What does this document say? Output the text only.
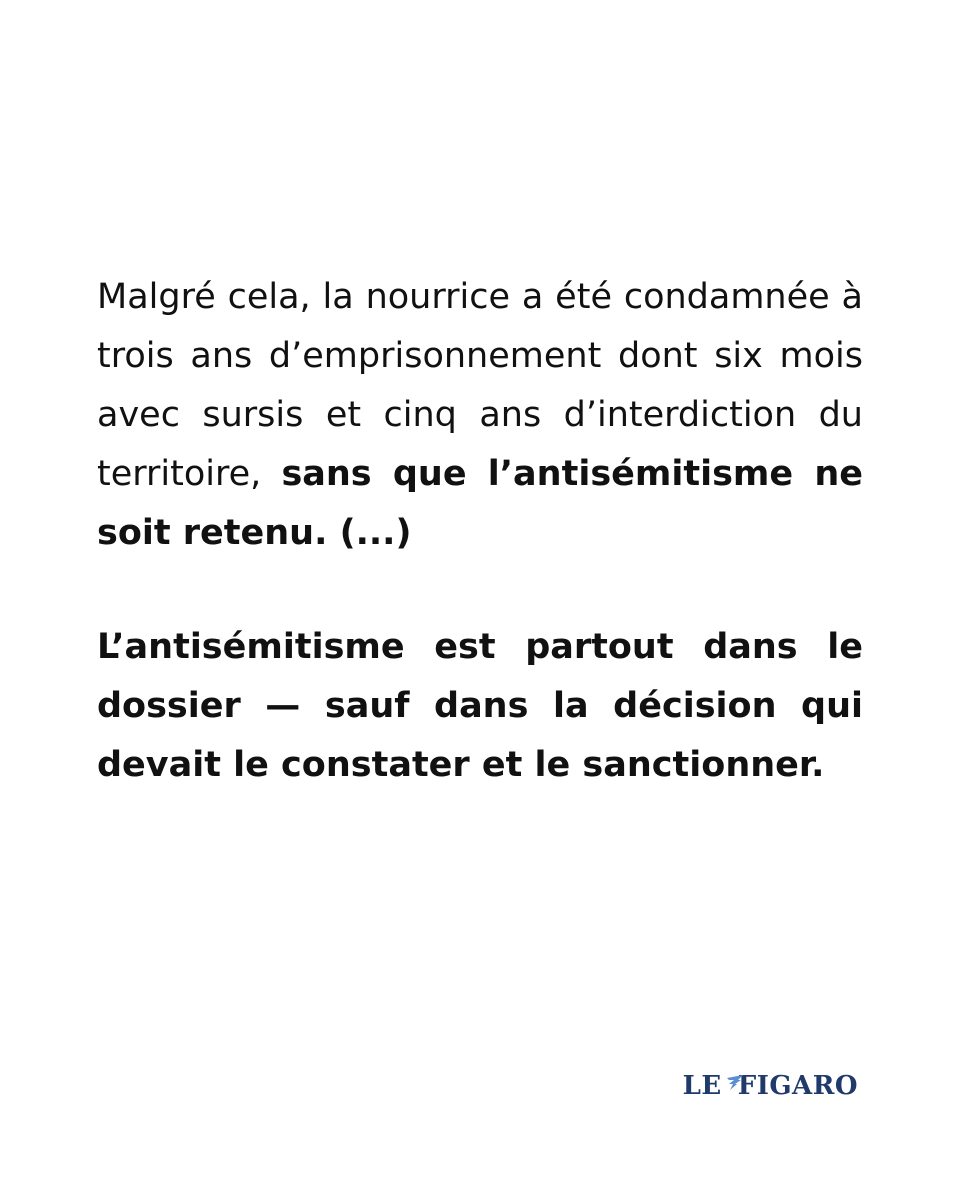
Malgré cela, la nourrice a été condamnée à trois ans d’emprisonnement dont six mois avec sursis et cinq ans d’interdiction du territoire, sans que l’antisémitisme ne soit retenu. (...)

L’antisémitisme est partout dans le dossier — sauf dans la décision qui devait le constater et le sanctionner.

LE FIGARO
